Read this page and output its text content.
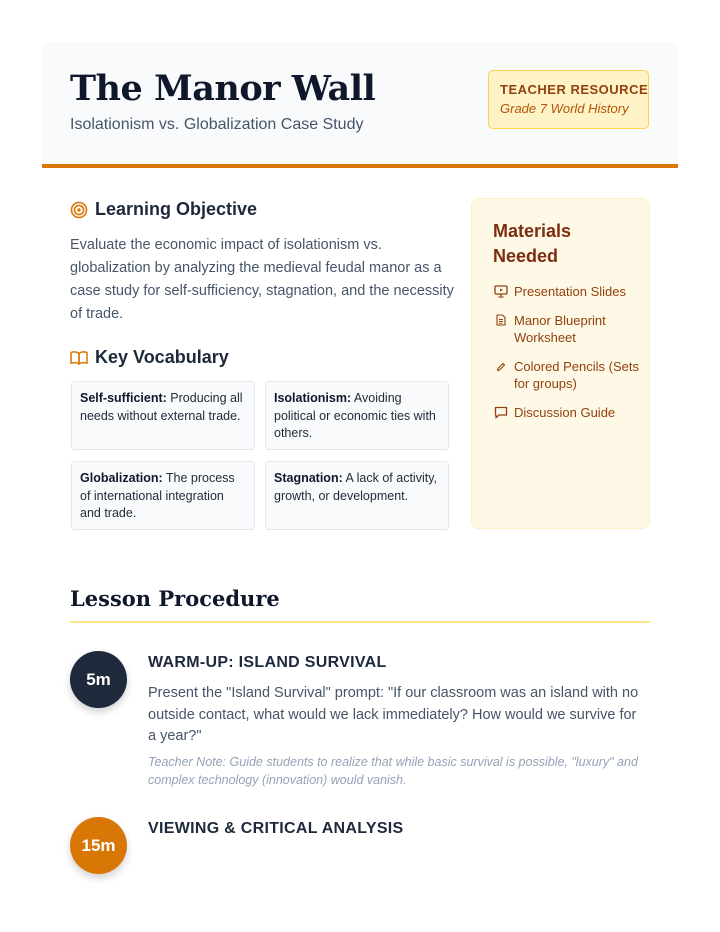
The Manor Wall
Isolationism vs. Globalization Case Study
TEACHER RESOURCE
Grade 7 World History
Learning Objective

Evaluate the economic impact of isolationism vs. globalization by analyzing the medieval feudal manor as a case study for self-sufficiency, stagnation, and the necessity of trade.

Key Vocabulary
Self-sufficient: Producing all needs without external trade.
Isolationism: Avoiding political or economic ties with others.
Globalization: The process of international integration and trade.
Stagnation: A lack of activity, growth, or development.
Materials Needed
Presentation Slides
Manor Blueprint Worksheet
Colored Pencils (Sets for groups)
Discussion Guide
Lesson Procedure
5m
WARM-UP: ISLAND SURVIVAL

Present the "Island Survival" prompt: "If our classroom was an island with no outside contact, what would we lack immediately? How would we survive for a year?"

Teacher Note: Guide students to realize that while basic survival is possible, "luxury" and complex technology (innovation) would vanish.

15m
VIEWING & CRITICAL ANALYSIS
